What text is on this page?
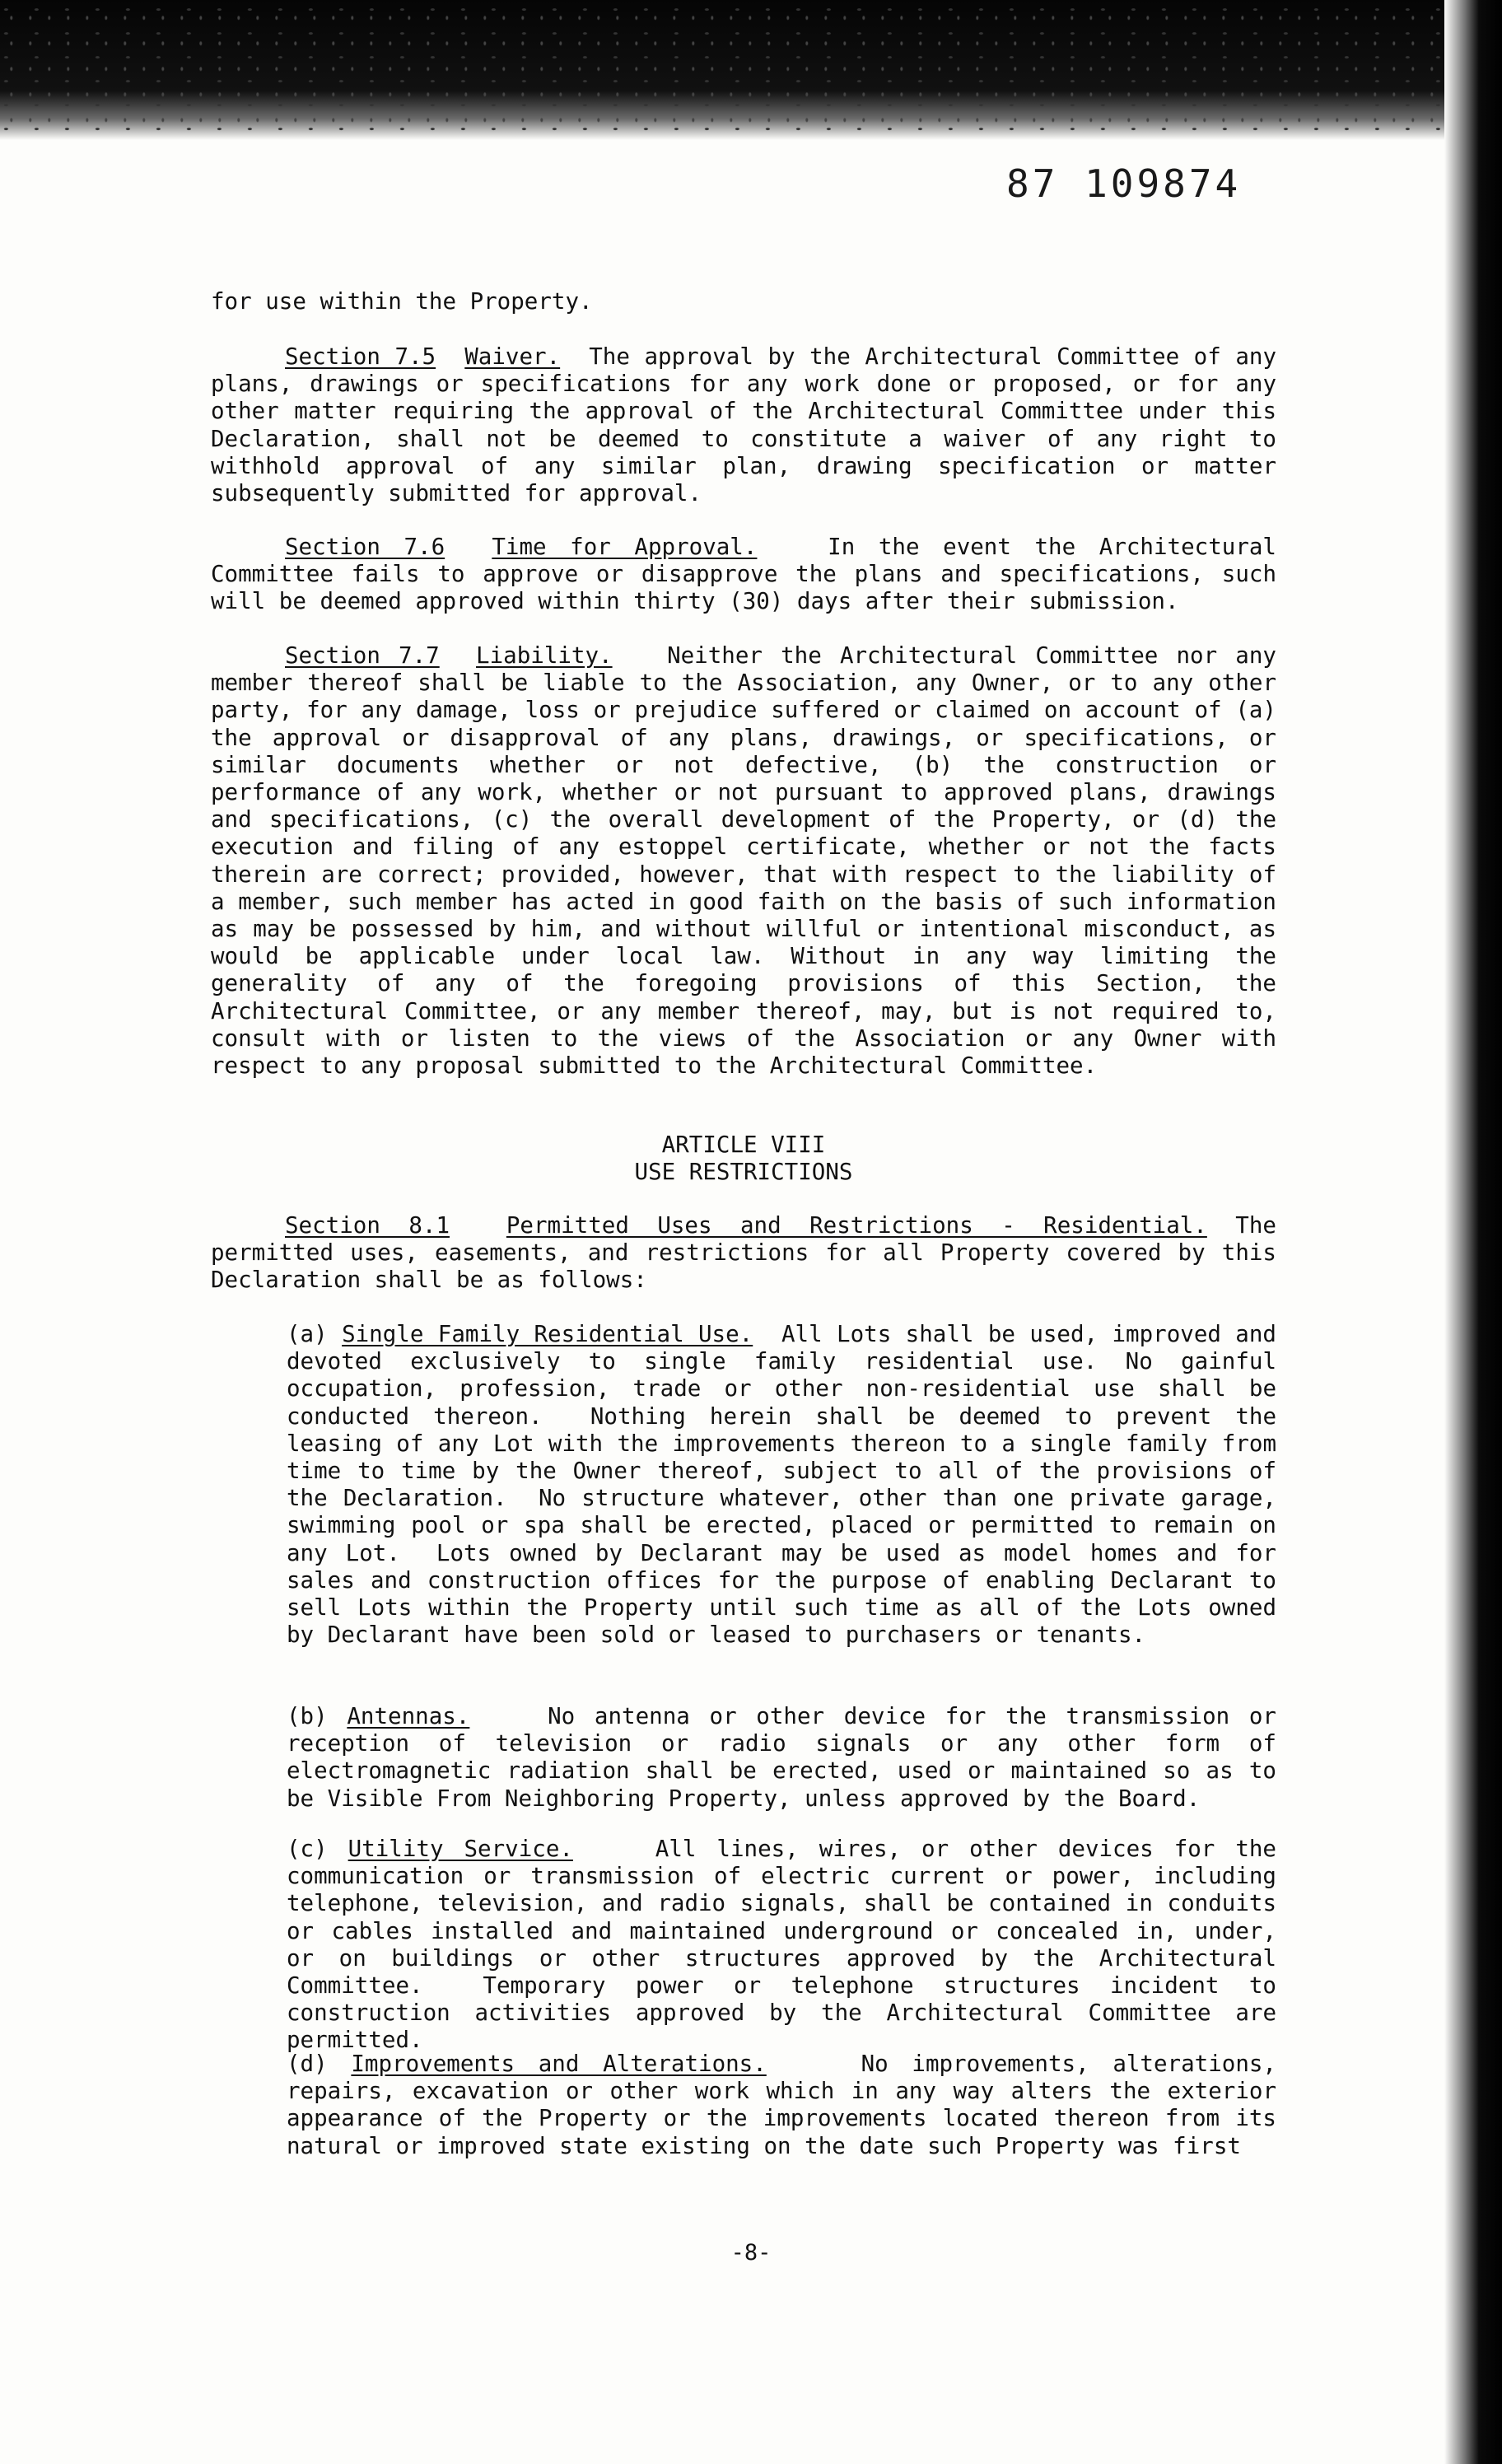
87 109874
for use within the Property.
Section 7.5 Waiver.  The approval by the Architectural Committee of any plans, drawings or specifications for any work done or proposed, or for any other matter requiring the approval of the Architectural Committee under this Declaration, shall not be deemed to constitute a waiver of any right to withhold approval of any similar plan, drawing specification or matter subsequently submitted for approval.
Section 7.6 Time for Approval.   In the event the Architectural Committee fails to approve or disapprove the plans and specifications, such will be deemed approved within thirty (30) days after their submission.
Section 7.7 Liability.   Neither the Architectural Committee nor any member thereof shall be liable to the Association, any Owner, or to any other party, for any damage, loss or prejudice suffered or claimed on account of (a) the approval or disapproval of any plans, drawings, or specifications, or similar documents whether or not defective, (b) the construction or performance of any work, whether or not pursuant to approved plans, drawings and specifications, (c) the overall development of the Property, or (d) the execution and filing of any estoppel certificate, whether or not the facts therein are correct; provided, however, that with respect to the liability of a member, such member has acted in good faith on the basis of such information as may be possessed by him, and without willful or intentional misconduct, as would be applicable under local law. Without in any way limiting the generality of any of the foregoing provisions of this Section, the Architectural Committee, or any member thereof, may, but is not required to, consult with or listen to the views of the Association or any Owner with respect to any proposal submitted to the Architectural Committee.
ARTICLE VIII
USE RESTRICTIONS
Section 8.1	Permitted Uses and Restrictions - Residential. The permitted uses, easements, and restrictions for all Property covered by this Declaration shall be as follows:
(a) Single Family Residential Use.  All Lots shall be used, improved and devoted exclusively to single family residential use. No gainful occupation, profession, trade or other non-residential use shall be conducted thereon.  Nothing herein shall be deemed to prevent the leasing of any Lot with the improvements thereon to a single family from time to time by the Owner thereof, subject to all of the provisions of the Declaration.  No structure whatever, other than one private garage, swimming pool or spa shall be erected, placed or permitted to remain on any Lot.  Lots owned by Declarant may be used as model homes and for sales and construction offices for the purpose of enabling Declarant to sell Lots within the Property until such time as all of the Lots owned by Declarant have been sold or leased to purchasers or tenants.
(b) Antennas.    No antenna or other device for the transmission or reception of television or radio signals or any other form of electromagnetic radiation shall be erected, used or maintained so as to be Visible From Neighboring Property, unless approved by the Board.
(c) Utility Service.    All lines, wires, or other devices for the communication or transmission of electric current or power, including telephone, television, and radio signals, shall be contained in conduits or cables installed and maintained underground or concealed in, under, or on buildings or other structures approved by the Architectural Committee.  Temporary power or telephone structures incident to construction activities approved by the Architectural Committee are permitted.
(d) Improvements and Alterations.    No improvements, alterations, repairs, excavation or other work which in any way alters the exterior appearance of the Property or the improvements located thereon from its natural or improved state existing on the date such Property was first
-8-
